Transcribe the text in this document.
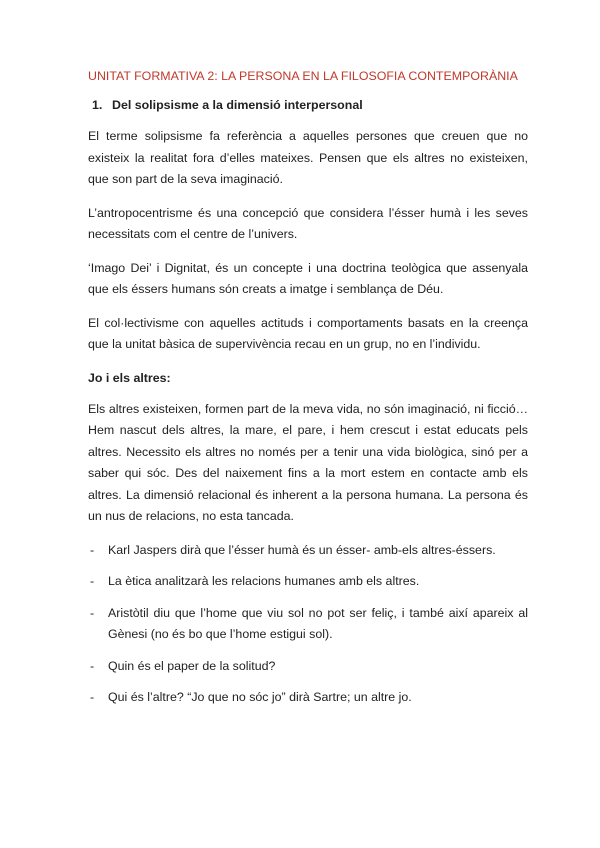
UNITAT FORMATIVA 2: LA PERSONA EN LA FILOSOFIA CONTEMPORÀNIA

1. Del solipsisme a la dimensió interpersonal

El terme solipsisme fa referència a aquelles persones que creuen que no existeix la realitat fora d’elles mateixes. Pensen que els altres no existeixen, que son part de la seva imaginació.

L’antropocentrisme és una concepció que considera l’ésser humà i les seves necessitats com el centre de l’univers.

‘Imago Dei’ i Dignitat, és un concepte i una doctrina teològica que assenyala que els éssers humans són creats a imatge i semblança de Déu.

El col·lectivisme con aquelles actituds i comportaments basats en la creença que la unitat bàsica de supervivència recau en un grup, no en l’individu.

Jo i els altres:

Els altres existeixen, formen part de la meva vida, no són imaginació, ni ficció… Hem nascut dels altres, la mare, el pare, i hem crescut i estat educats pels altres. Necessito els altres no només per a tenir una vida biològica, sinó per a saber qui sóc. Des del naixement fins a la mort estem en contacte amb els altres. La dimensió relacional és inherent a la persona humana. La persona és un nus de relacions, no esta tancada.

-	Karl Jaspers dirà que l’ésser humà és un ésser- amb-els altres-éssers.
-	La ètica analitzarà les relacions humanes amb els altres.
-	Aristòtil diu que l’home que viu sol no pot ser feliç, i també així apareix al Gènesi (no és bo que l’home estigui sol).
-	Quin és el paper de la solitud?
-	Qui és l’altre? “Jo que no sóc jo” dirà Sartre; un altre jo.
